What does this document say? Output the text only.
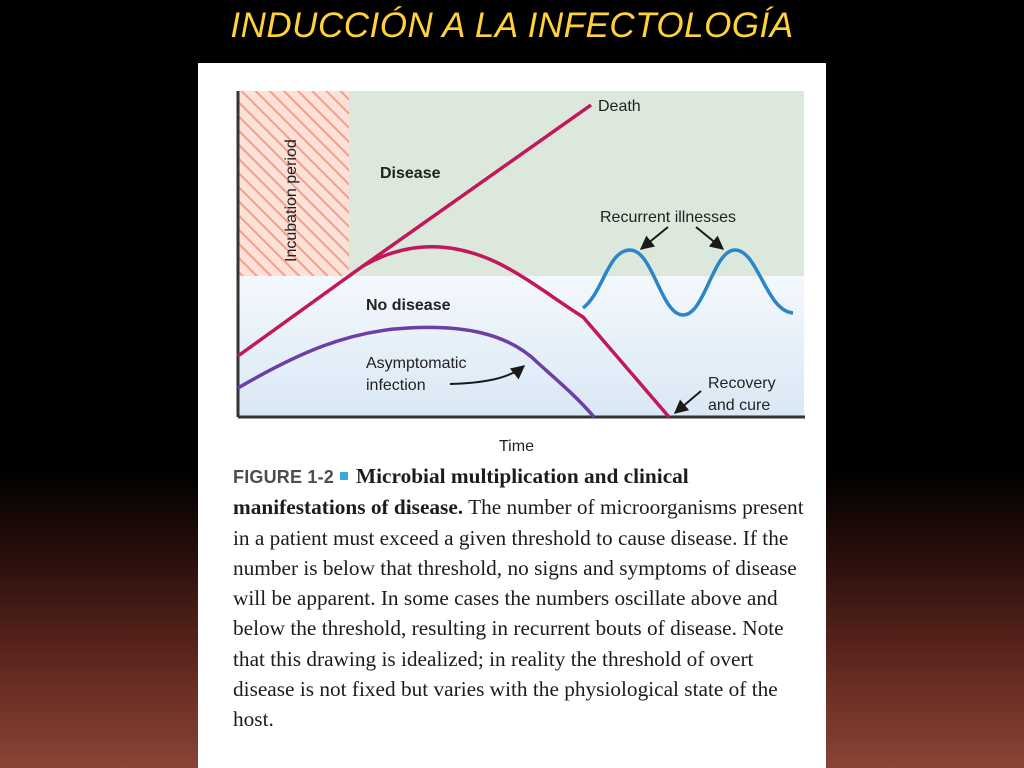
INDUCCIÓN A LA INFECTOLOGÍA
Incubation period	Disease
No disease
Death
Recurrent illnesses
Asymptomatic
infection	Recovery
and cure
Time
FIGURE 1-2 Microbial multiplication and clinical manifestations of disease. The number of microorganisms present in a patient must exceed a given threshold to cause disease. If the number is below that threshold, no signs and symptoms of disease will be apparent. In some cases the numbers oscillate above and below the threshold, resulting in recurrent bouts of disease. Note that this drawing is idealized; in reality the threshold of overt disease is not fixed but varies with the physiological state of the host.
